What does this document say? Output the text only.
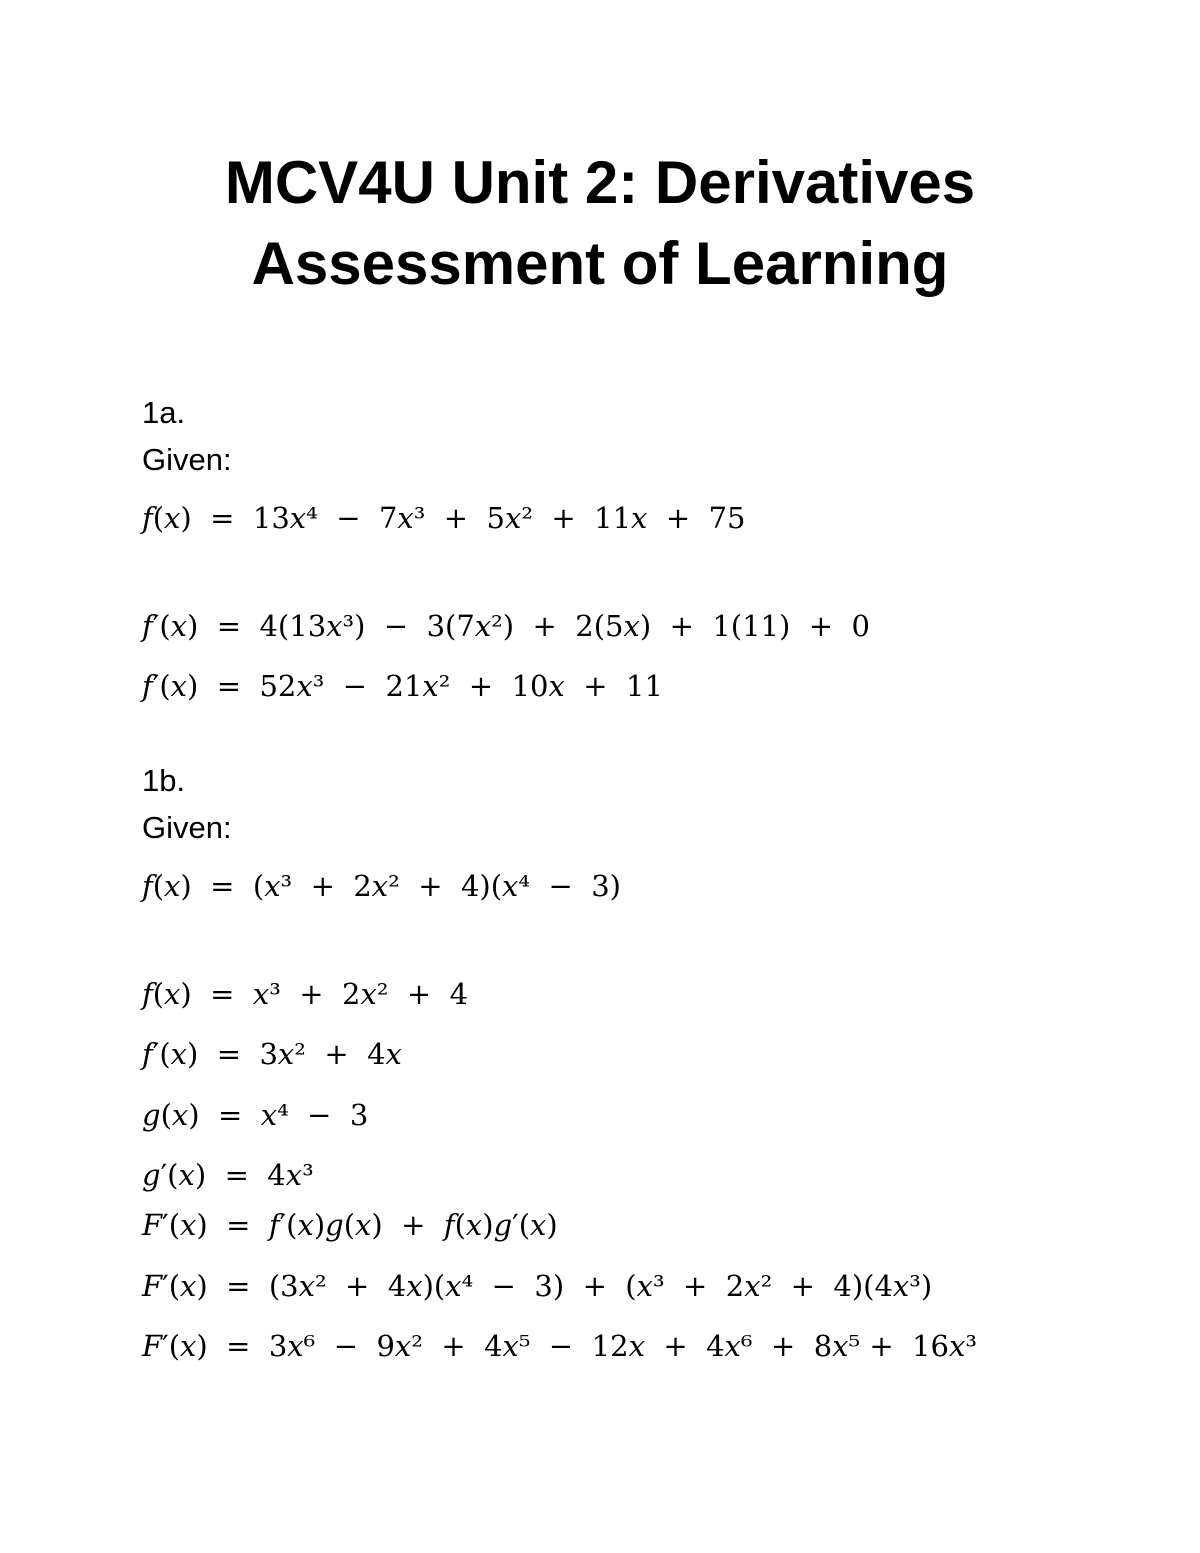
MCV4U Unit 2: Derivatives
Assessment of Learning
1a.
Given:
𝑓(𝑥)  =  13𝑥⁴  −  7𝑥³  +  5𝑥²  +  11𝑥  +  75
𝑓′(𝑥)  =  4(13𝑥³)  −  3(7𝑥²)  +  2(5𝑥)  +  1(11)  +  0
𝑓′(𝑥)  =  52𝑥³  −  21𝑥²  +  10𝑥  +  11
1b.
Given:
𝑓(𝑥)  =  (𝑥³  +  2𝑥²  +  4)(𝑥⁴  −  3)
𝑓(𝑥)  =  𝑥³  +  2𝑥²  +  4
𝑓′(𝑥)  =  3𝑥²  +  4𝑥
𝑔(𝑥)  =  𝑥⁴  −  3
𝑔′(𝑥)  =  4𝑥³
𝐹′(𝑥)  =  𝑓′(𝑥)𝑔(𝑥)  +  𝑓(𝑥)𝑔′(𝑥)
𝐹′(𝑥)  =  (3𝑥²  +  4𝑥)(𝑥⁴  −  3)  +  (𝑥³  +  2𝑥²  +  4)(4𝑥³)
𝐹′(𝑥)  =  3𝑥⁶  −  9𝑥²  +  4𝑥⁵  −  12𝑥  +  4𝑥⁶  +  8𝑥⁵ +  16𝑥³
